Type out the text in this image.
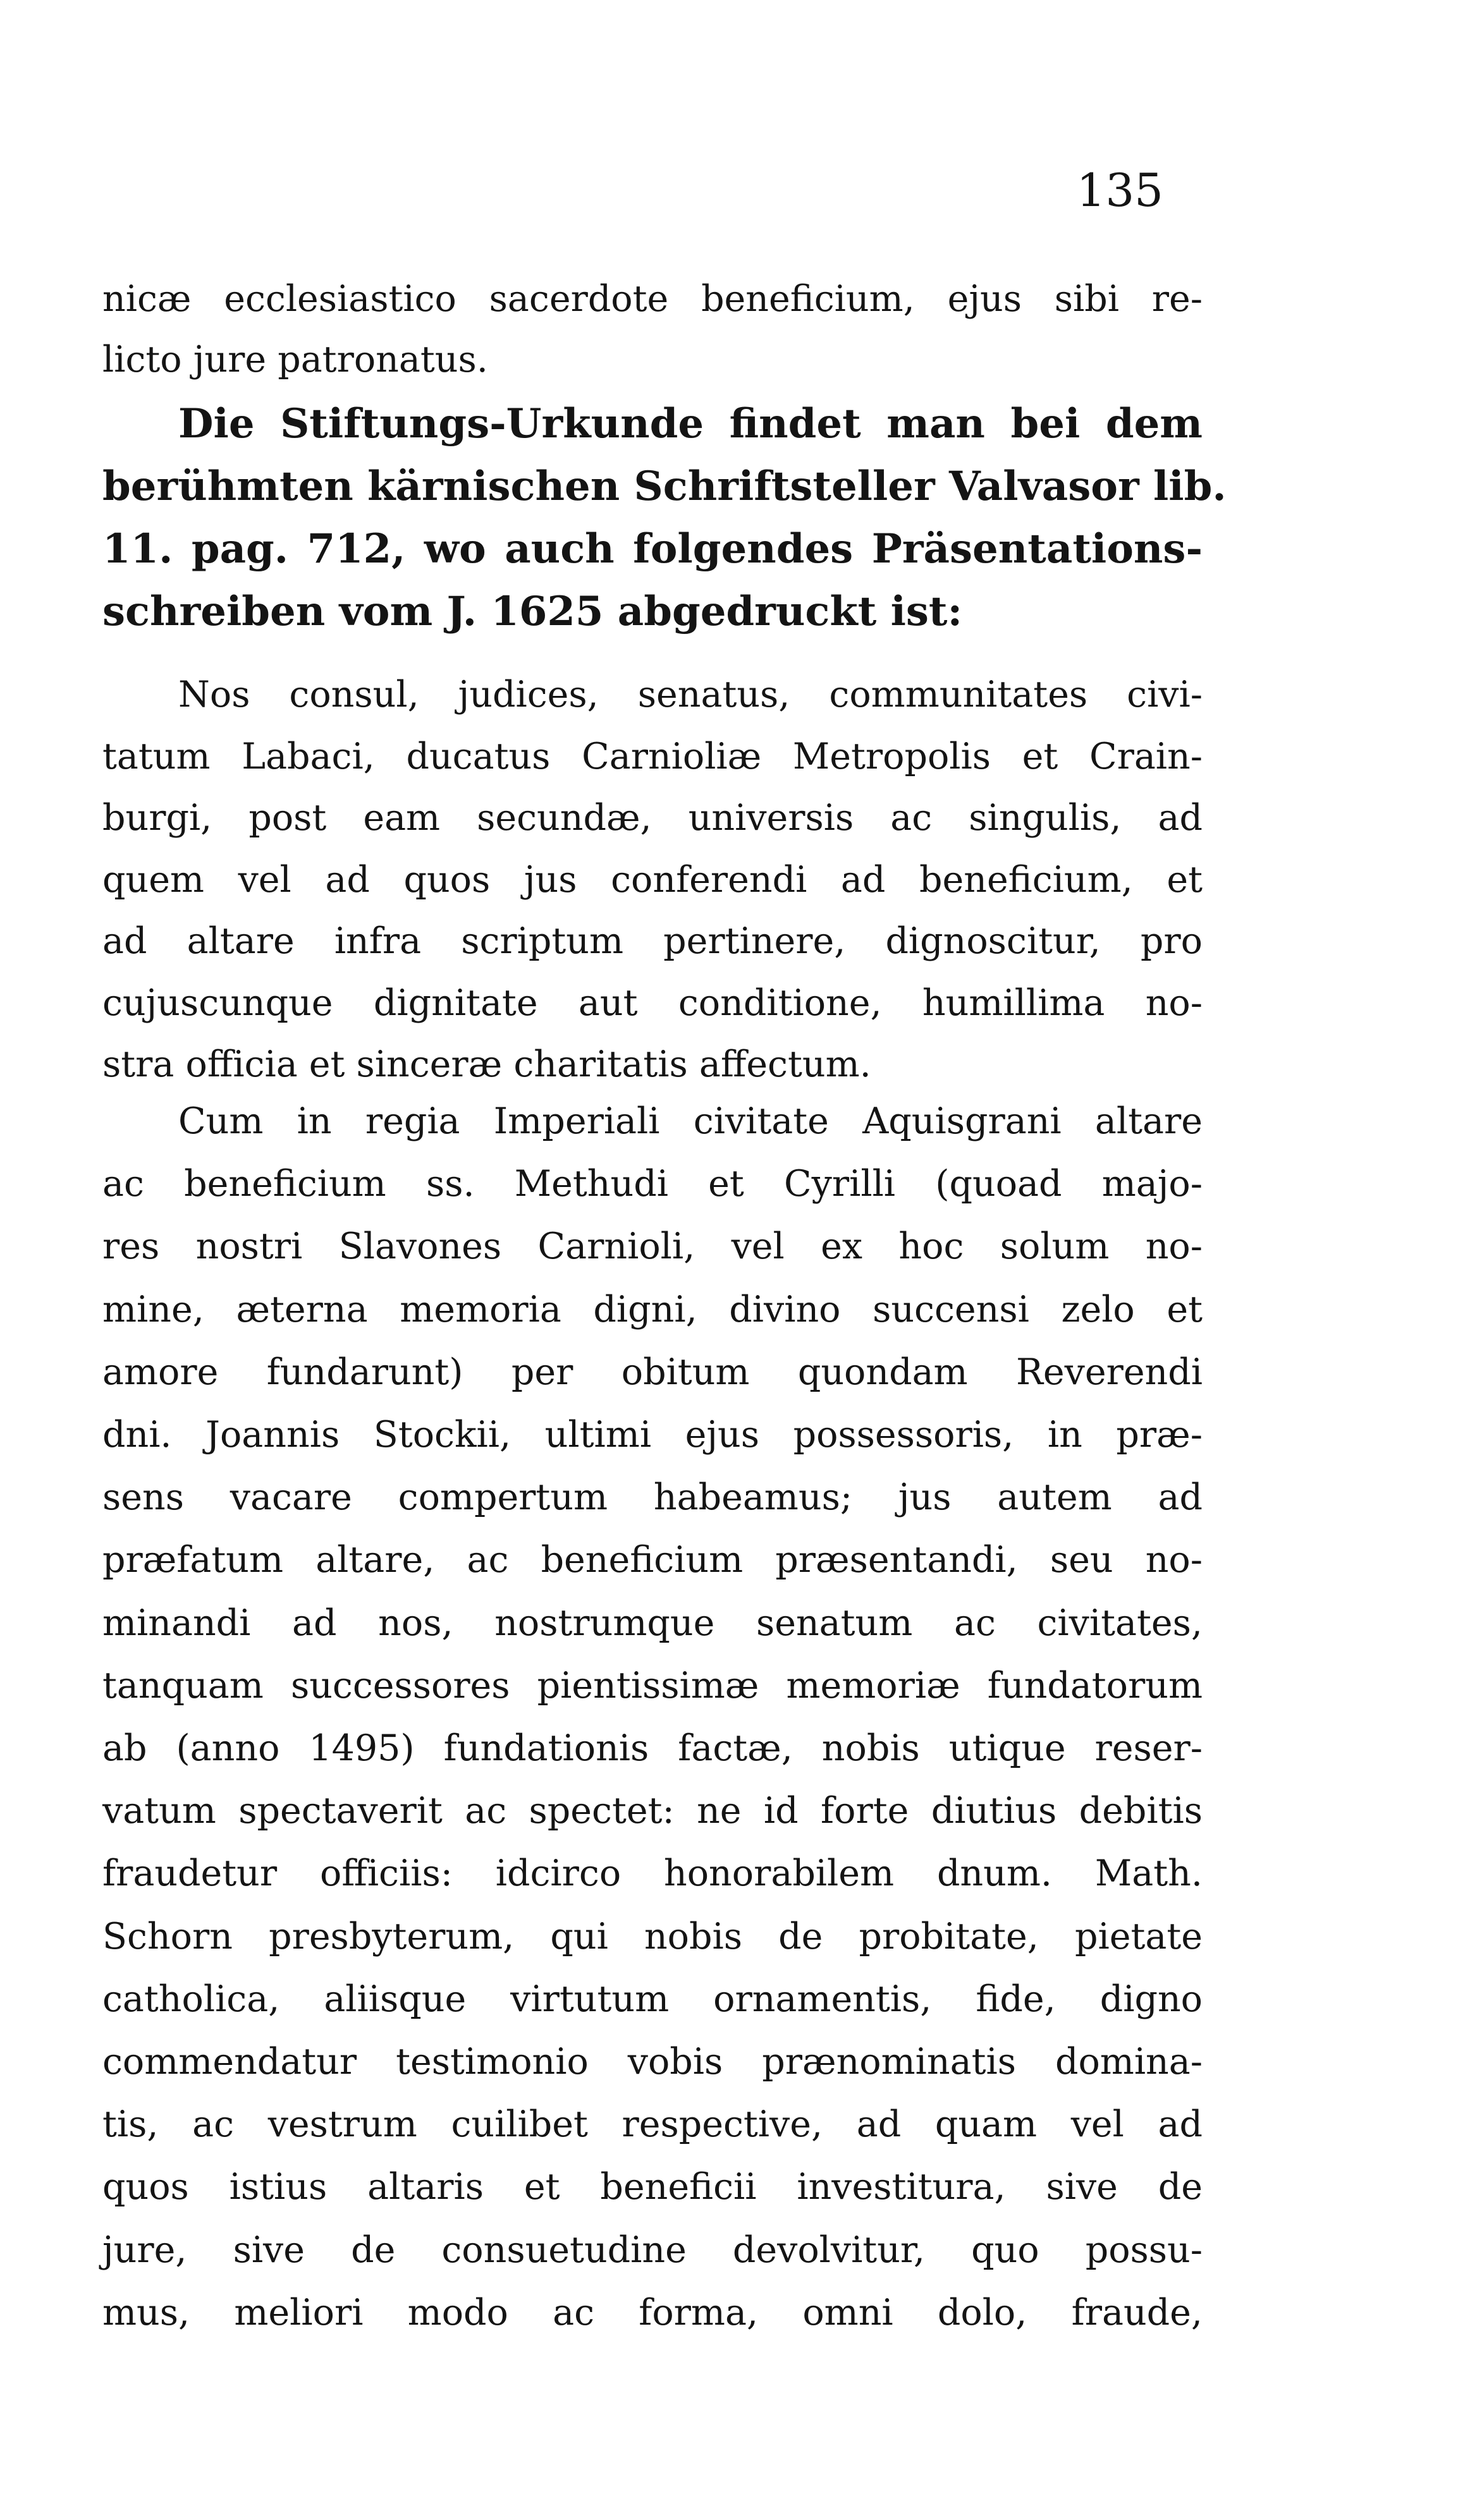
135
nicæ ecclesiastico sacerdote beneficium, ejus sibi re-
licto jure patronatus.
Die Stiftungs-Urkunde findet man bei dem
berühmten kärnischen Schriftsteller Valvasor lib.
11. pag. 712, wo auch folgendes Präsentations-
schreiben vom J. 1625 abgedruckt ist:
Nos consul, judices, senatus, communitates civi-
tatum Labaci, ducatus Carnioliæ Metropolis et Crain-
burgi, post eam secundæ, universis ac singulis, ad
quem vel ad quos jus conferendi ad beneficium, et
ad altare infra scriptum pertinere, dignoscitur, pro
cujuscunque dignitate aut conditione, humillima no-
stra officia et sinceræ charitatis affectum.
Cum in regia Imperiali civitate Aquisgrani altare
ac beneficium ss. Methudi et Cyrilli (quoad majo-
res nostri Slavones Carnioli, vel ex hoc solum no-
mine, æterna memoria digni, divino succensi zelo et
amore fundarunt) per obitum quondam Reverendi
dni. Joannis Stockii, ultimi ejus possessoris, in præ-
sens vacare compertum habeamus; jus autem ad
præfatum altare, ac beneficium præsentandi, seu no-
minandi ad nos, nostrumque senatum ac civitates,
tanquam successores pientissimæ memoriæ fundatorum
ab (anno 1495) fundationis factæ, nobis utique reser-
vatum spectaverit ac spectet: ne id forte diutius debitis
fraudetur officiis: idcirco honorabilem dnum. Math.
Schorn presbyterum, qui nobis de probitate, pietate
catholica, aliisque virtutum ornamentis, fide, digno
commendatur testimonio vobis prænominatis domina-
tis, ac vestrum cuilibet respective, ad quam vel ad
quos istius altaris et beneficii investitura, sive de
jure, sive de consuetudine devolvitur, quo possu-
mus, meliori modo ac forma, omni dolo, fraude,
